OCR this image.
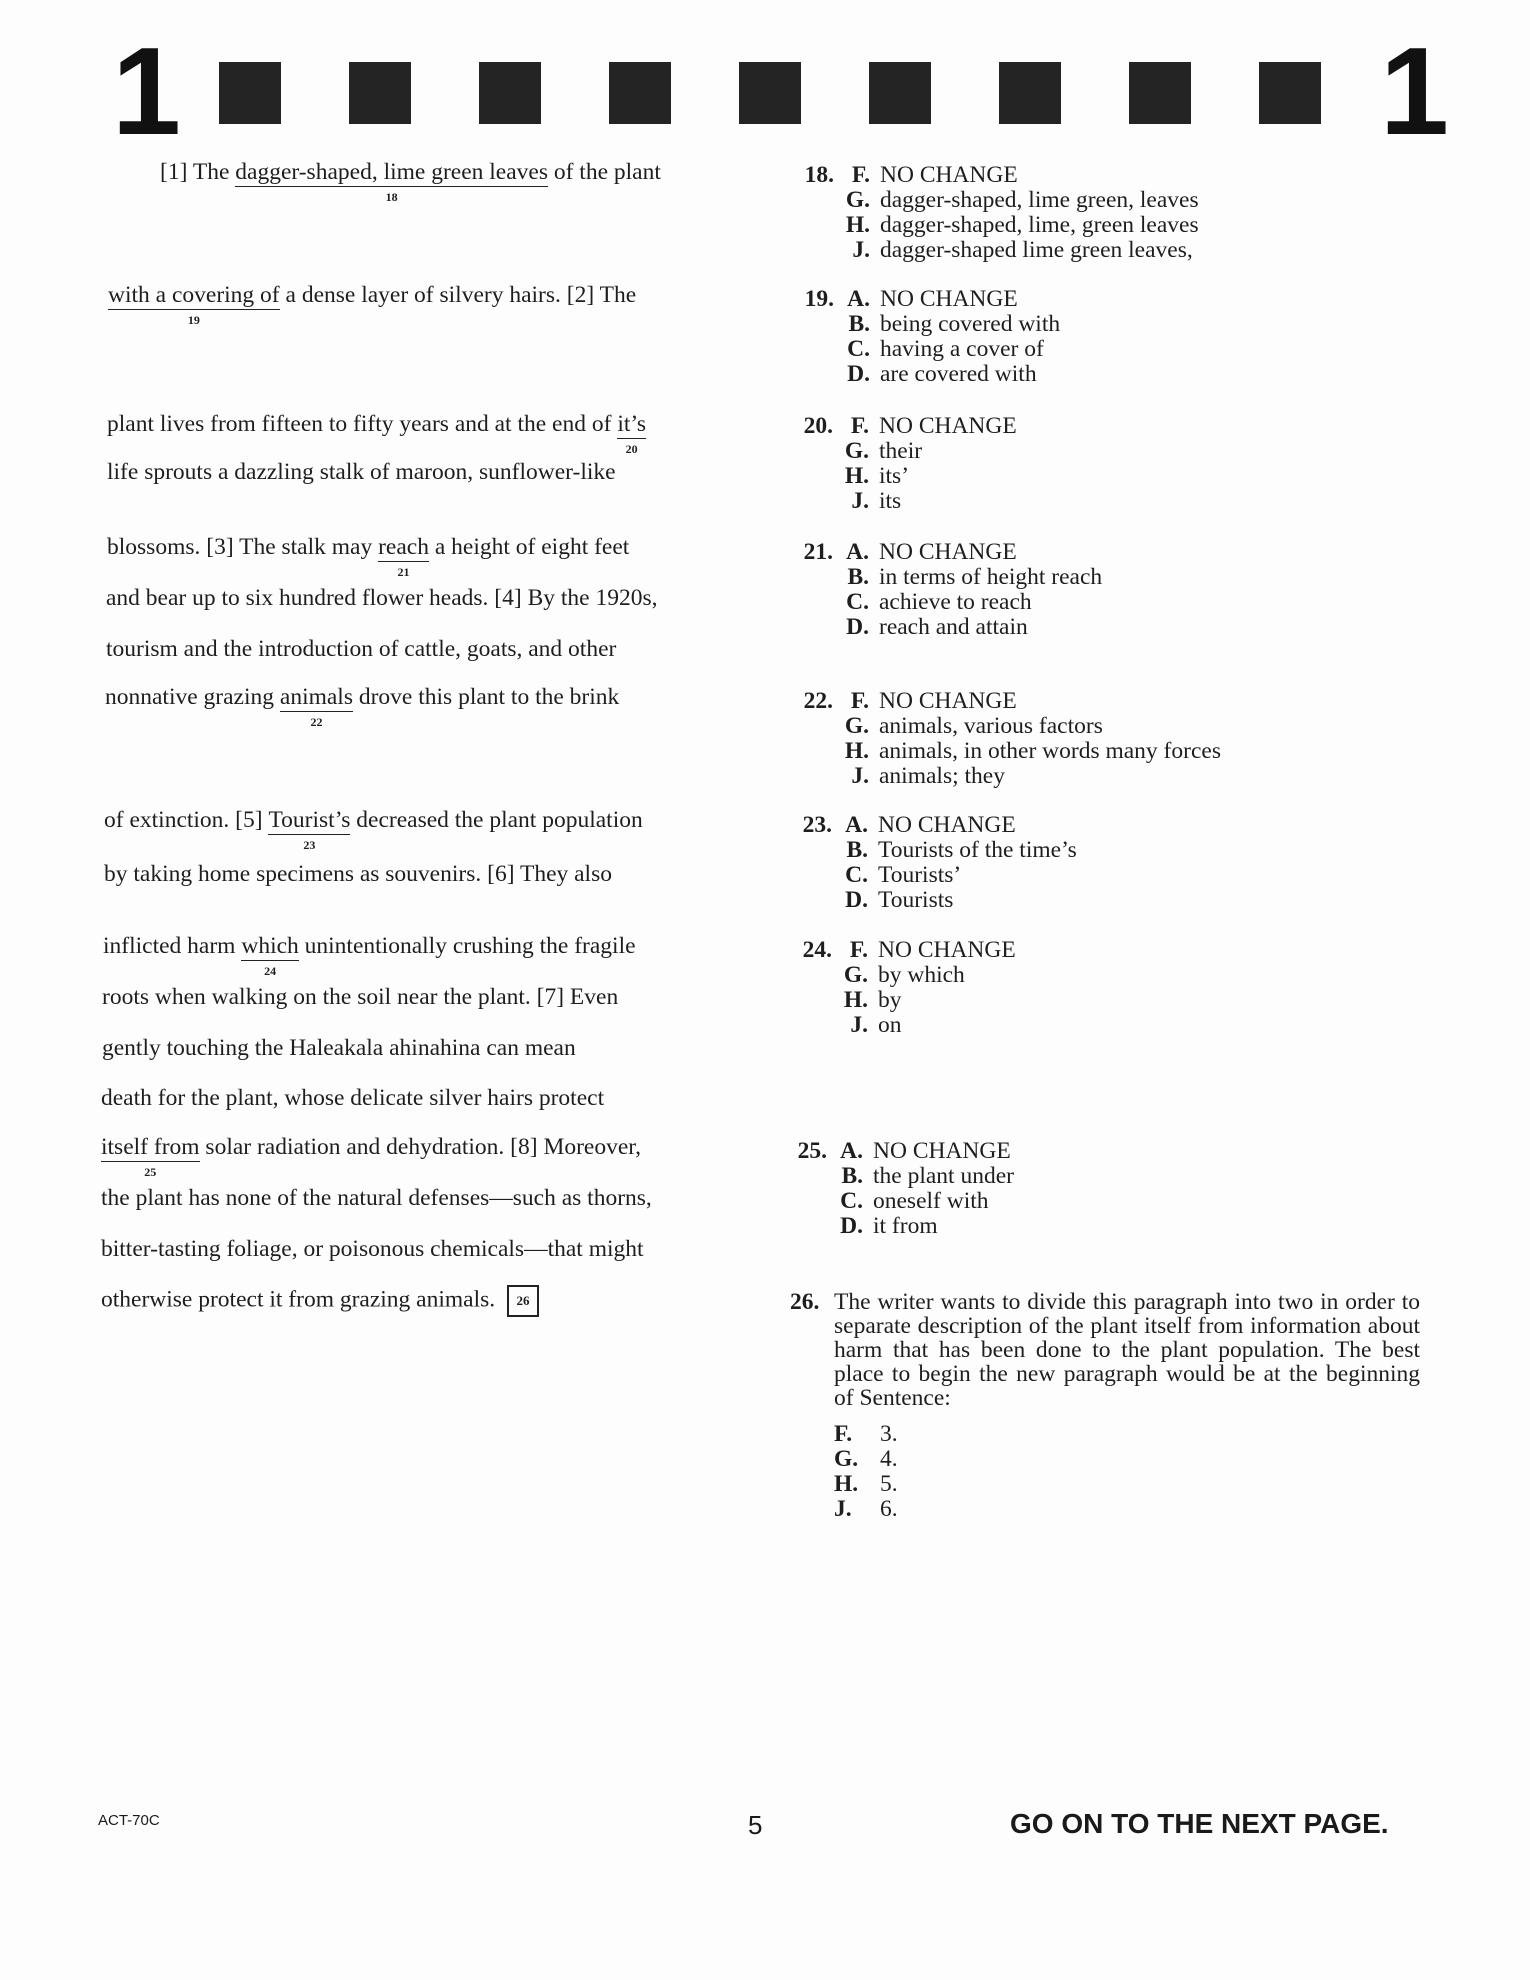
1	1
[1] The dagger-shaped, lime green leaves
18
of the plant
with a covering of
19
a dense layer of silvery hairs. [2] The
plant lives from fifteen to fifty years and at the end of it’s
20
life sprouts a dazzling stalk of maroon, sunflower-like
blossoms. [3] The stalk may reach
21
a height of eight feet
and bear up to six hundred flower heads. [4] By the 1920s,
tourism and the introduction of cattle, goats, and other
nonnative grazing animals
22
drove this plant to the brink
of extinction. [5] Tourist’s
23
decreased the plant population
by taking home specimens as souvenirs. [6] They also
inflicted harm which
24
unintentionally crushing the fragile
roots when walking on the soil near the plant. [7] Even
gently touching the Haleakala ahinahina can mean
death for the plant, whose delicate silver hairs protect
itself from
25
solar radiation and dehydration. [8] Moreover,
the plant has none of the natural defenses—such as thorns,
bitter-tasting foliage, or poisonous chemicals—that might
otherwise protect it from grazing animals. 26
18. F. NO CHANGE
G. dagger-shaped, lime green, leaves
H. dagger-shaped, lime, green leaves
J. dagger-shaped lime green leaves,
19. A. NO CHANGE
B. being covered with
C. having a cover of
D. are covered with
20. F. NO CHANGE
G. their
H. its’
J. its
21. A. NO CHANGE
B. in terms of height reach
C. achieve to reach
D. reach and attain
22. F. NO CHANGE
G. animals, various factors
H. animals, in other words many forces
J. animals; they
23. A. NO CHANGE
B. Tourists of the time’s
C. Tourists’
D. Tourists
24. F. NO CHANGE
G. by which
H. by
J. on
25. A. NO CHANGE
B. the plant under
C. oneself with
D. it from
26. The writer wants to divide this paragraph into two in order to separate description of the plant itself from information about harm that has been done to the plant population. The best place to begin the new paragraph would be at the beginning of Sentence:
F.	3.
G. 4.
H. 5.
J.	6.
ACT-70C	5	GO ON TO THE NEXT PAGE.
